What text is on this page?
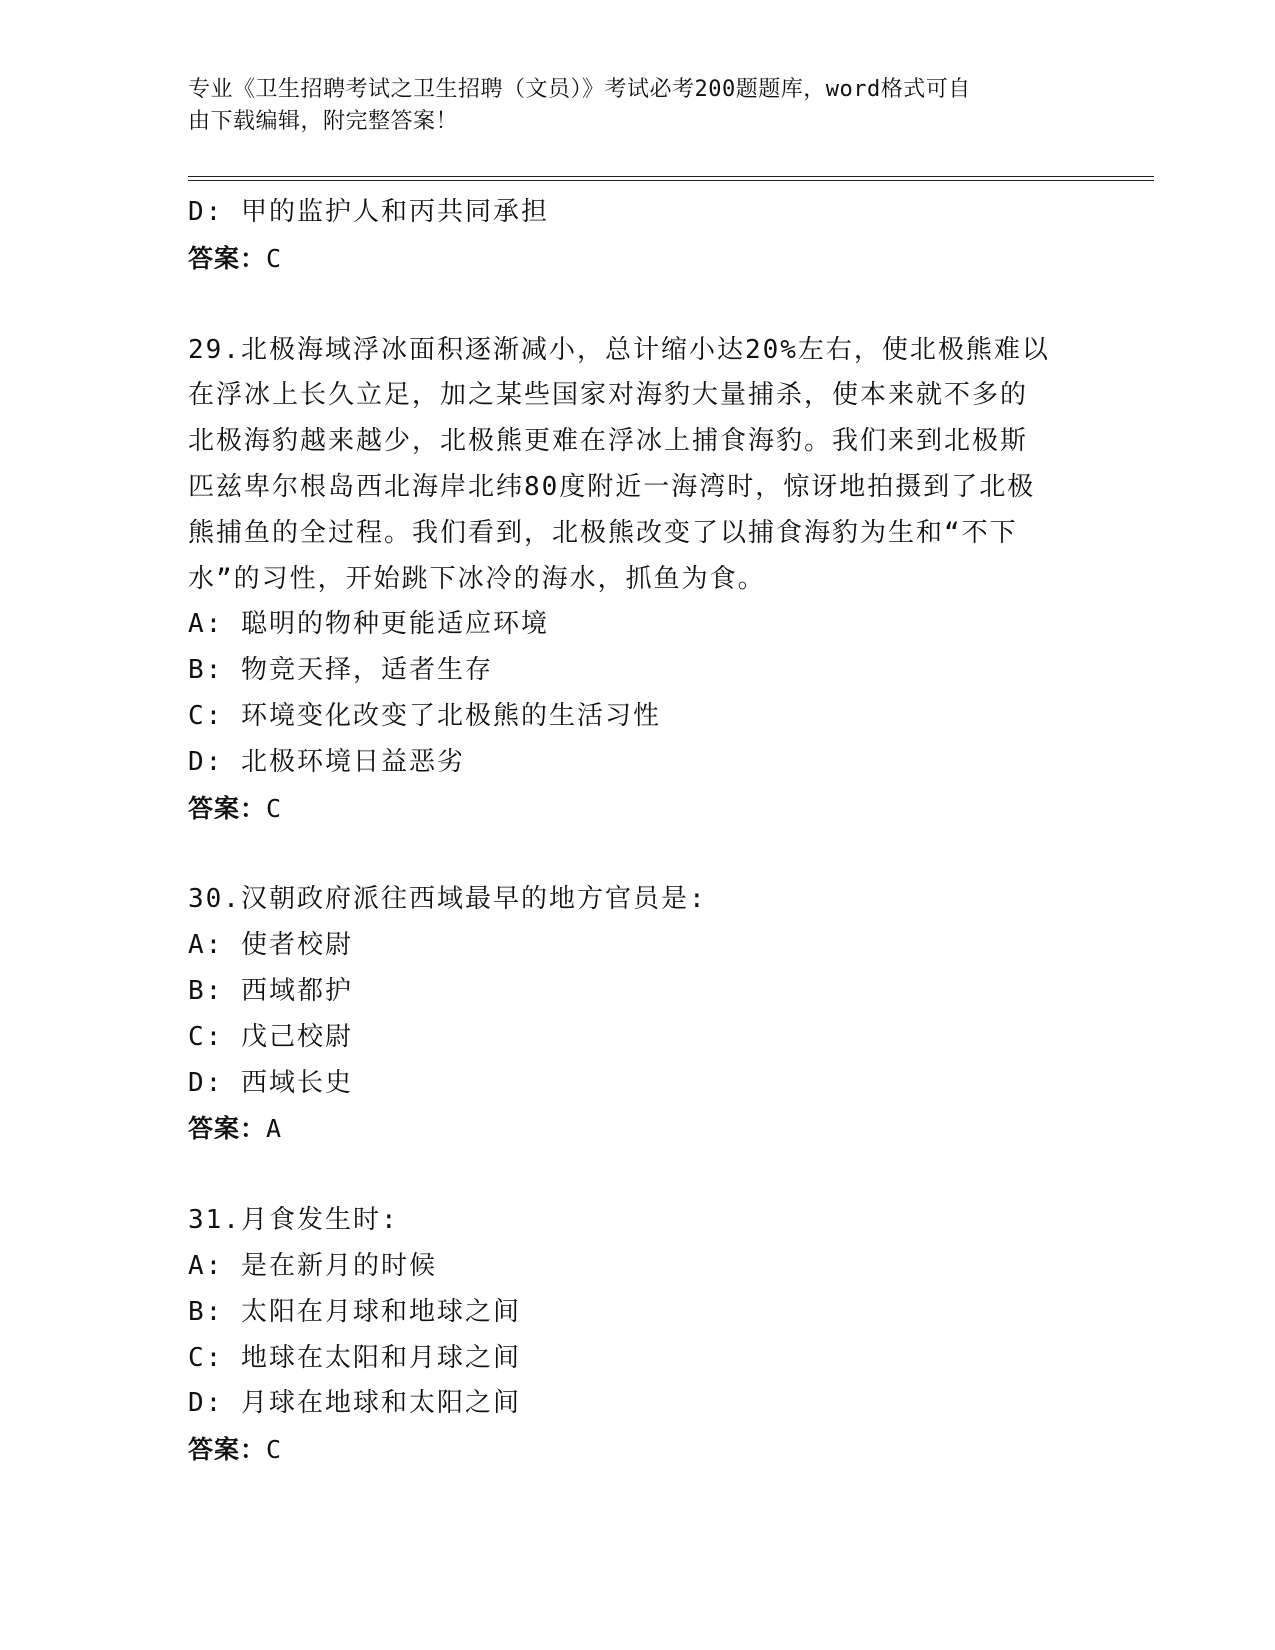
专业《卫生招聘考试之卫生招聘（文员）》考试必考200题题库，word格式可自
由下载编辑，附完整答案！
D: 甲的监护人和丙共同承担
答案：C
29.北极海域浮冰面积逐渐减小，总计缩小达20%左右，使北极熊难以
在浮冰上长久立足，加之某些国家对海豹大量捕杀，使本来就不多的
北极海豹越来越少，北极熊更难在浮冰上捕食海豹。我们来到北极斯
匹兹卑尔根岛西北海岸北纬80度附近一海湾时，惊讶地拍摄到了北极
熊捕鱼的全过程。我们看到，北极熊改变了以捕食海豹为生和“不下
水”的习性，开始跳下冰冷的海水，抓鱼为食。
A: 聪明的物种更能适应环境
B: 物竞天择，适者生存
C: 环境变化改变了北极熊的生活习性
D: 北极环境日益恶劣
答案：C
30.汉朝政府派往西域最早的地方官员是:
A: 使者校尉
B: 西域都护
C: 戊己校尉
D: 西域长史
答案：A
31.月食发生时:
A: 是在新月的时候
B: 太阳在月球和地球之间
C: 地球在太阳和月球之间
D: 月球在地球和太阳之间
答案：C
